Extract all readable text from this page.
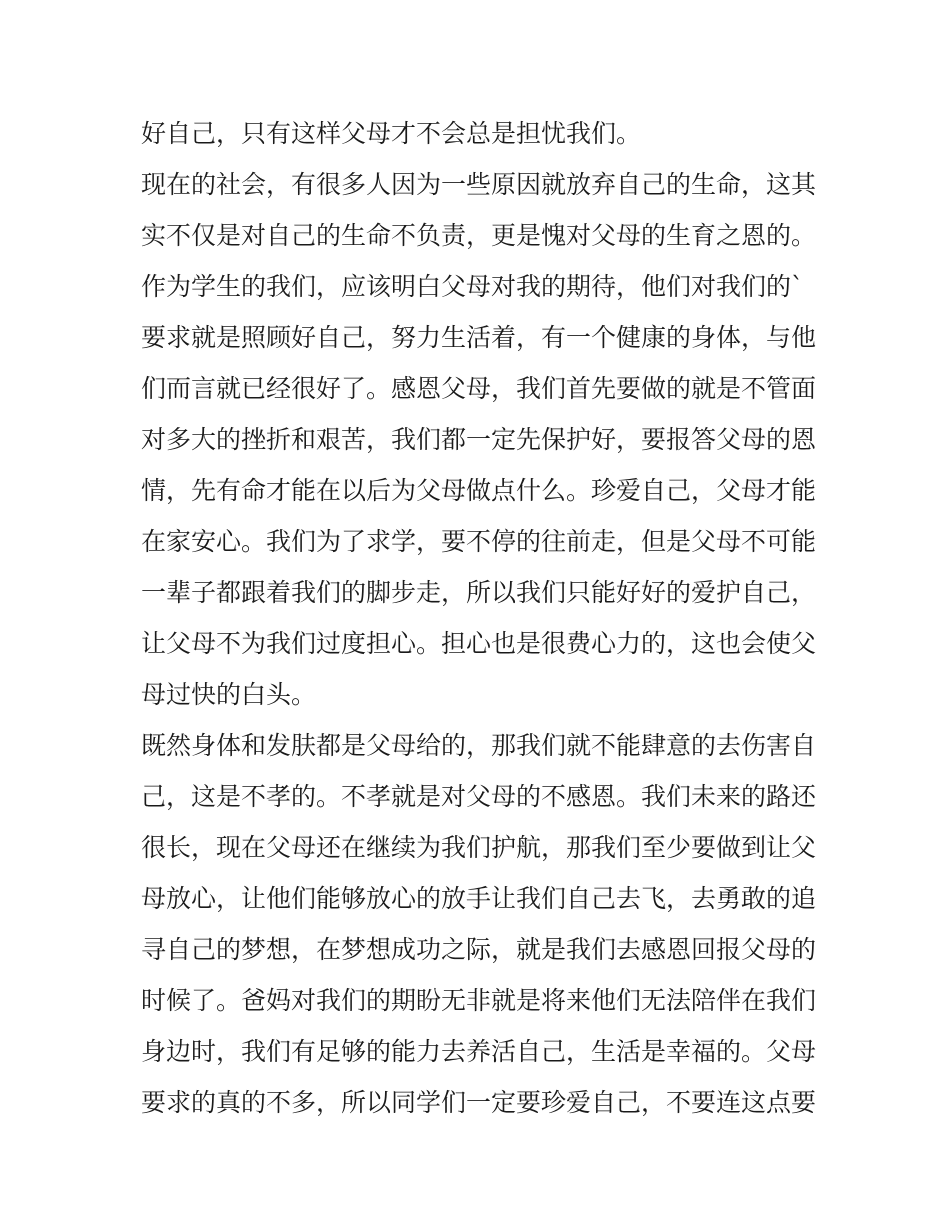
好自己，只有这样父母才不会总是担忧我们。
现在的社会，有很多人因为一些原因就放弃自己的生命，这其
实不仅是对自己的生命不负责，更是愧对父母的生育之恩的。
作为学生的我们，应该明白父母对我的期待，他们对我们的`
要求就是照顾好自己，努力生活着，有一个健康的身体，与他
们而言就已经很好了。感恩父母，我们首先要做的就是不管面
对多大的挫折和艰苦，我们都一定先保护好，要报答父母的恩
情，先有命才能在以后为父母做点什么。珍爱自己，父母才能
在家安心。我们为了求学，要不停的往前走，但是父母不可能
一辈子都跟着我们的脚步走，所以我们只能好好的爱护自己，
让父母不为我们过度担心。担心也是很费心力的，这也会使父
母过快的白头。
既然身体和发肤都是父母给的，那我们就不能肆意的去伤害自
己，这是不孝的。不孝就是对父母的不感恩。我们未来的路还
很长，现在父母还在继续为我们护航，那我们至少要做到让父
母放心，让他们能够放心的放手让我们自己去飞，去勇敢的追
寻自己的梦想，在梦想成功之际，就是我们去感恩回报父母的
时候了。爸妈对我们的期盼无非就是将来他们无法陪伴在我们
身边时，我们有足够的能力去养活自己，生活是幸福的。父母
要求的真的不多，所以同学们一定要珍爱自己，不要连这点要
